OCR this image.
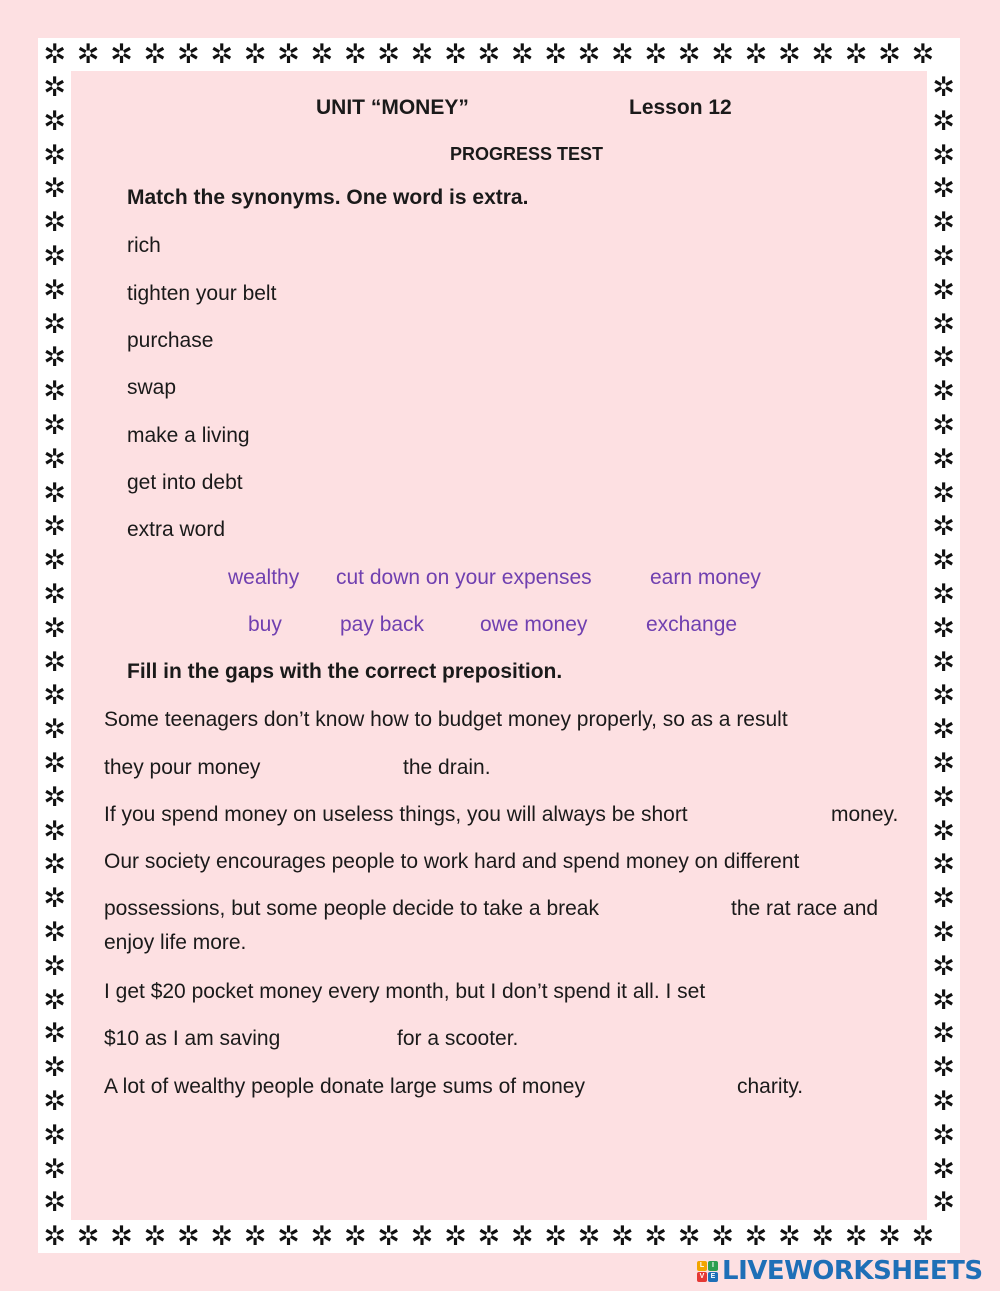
✲ ✲ ✲ ✲ ✲ ✲ ✲ ✲ ✲ ✲ ✲ ✲ ✲ ✲ ✲ ✲ ✲ ✲ ✲ ✲ ✲ ✲ ✲ ✲ ✲ ✲ ✲
✲ ✲ ✲ ✲ ✲ ✲ ✲ ✲ ✲ ✲ ✲ ✲ ✲ ✲ ✲ ✲ ✲ ✲ ✲ ✲ ✲ ✲ ✲ ✲ ✲ ✲ ✲
✲
✲
✲
✲
✲
✲
✲
✲
✲
✲
✲
✲
✲
✲
✲
✲
✲
✲
✲
✲
✲
✲
✲
✲
✲
✲
✲
✲
✲
✲
✲
✲
✲
✲
✲
✲
✲
✲
✲
✲
✲
✲
✲
✲
✲
✲
✲
✲
✲
✲
✲
✲
✲
✲
✲
✲
✲
✲
✲
✲
✲
✲
✲
✲
✲
✲
✲
✲
UNIT “MONEY”	Lesson 12
PROGRESS TEST
Match the synonyms. One word is extra.
rich
tighten your belt
purchase
swap
make a living
get into debt
extra word
wealthy cut down on your expenses	earn money
buy	pay back	owe money	exchange
Fill in the gaps with the correct preposition.
Some teenagers don’t know how to budget money properly, so as a result
they pour money	the drain.
If you spend money on useless things, you will always be short	money.
Our society encourages people to work hard and spend money on different
possessions, but some people decide to take a break	the rat race and
enjoy life more.
I get $20 pocket money every month, but I don’t spend it all. I set
$10 as I am saving	for a scooter.
A lot of wealthy people donate large sums of money	charity.
L	I
V E LIVEWORKSHEETS
